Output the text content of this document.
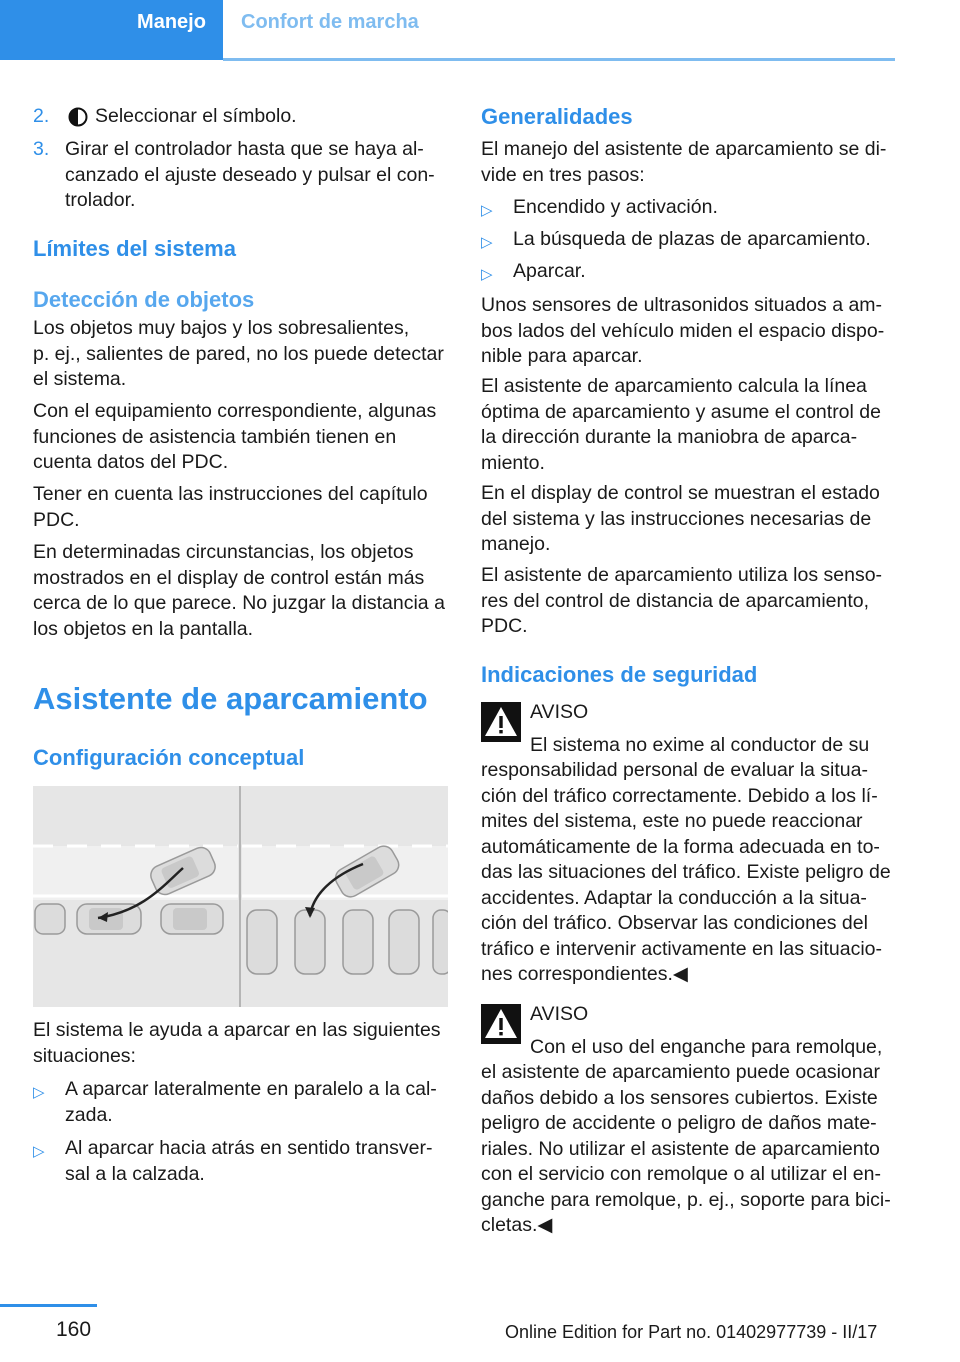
Manejo	Confort de marcha
2. Seleccionar el símbolo.
3. Girar el controlador hasta que se haya al‐

canzado el ajuste deseado y pulsar el con‐

trolador.

Límites del sistema
Detección de objetos

Los objetos muy bajos y los sobresalientes,

p. ej., salientes de pared, no los puede detectar

el sistema.

Con el equipamiento correspondiente, algunas

funciones de asistencia también tienen en

cuenta datos del PDC.

Tener en cuenta las instrucciones del capítulo

PDC.

En determinadas circunstancias, los objetos

mostrados en el display de control están más

cerca de lo que parece. No juzgar la distancia a

los objetos en la pantalla.

Asistente de aparcamiento
Configuración conceptual

El sistema le ayuda a aparcar en las siguientes

situaciones:

▷ A aparcar lateralmente en paralelo a la cal‐

zada.

▷ Al aparcar hacia atrás en sentido transver‐

sal a la calzada.

Generalidades

El manejo del asistente de aparcamiento se di‐

vide en tres pasos:

▷ Encendido y activación.
▷ La búsqueda de plazas de aparcamiento.
▷ Aparcar.

Unos sensores de ultrasonidos situados a am‐

bos lados del vehículo miden el espacio dispo‐

nible para aparcar.

El asistente de aparcamiento calcula la línea

óptima de aparcamiento y asume el control de

la dirección durante la maniobra de aparca‐

miento.

En el display de control se muestran el estado

del sistema y las instrucciones necesarias de

manejo.

El asistente de aparcamiento utiliza los senso‐

res del control de distancia de aparcamiento,

PDC.

Indicaciones de seguridad

AVISO

El sistema no exime al conductor de su

responsabilidad personal de evaluar la situa‐

ción del tráfico correctamente. Debido a los lí‐

mites del sistema, este no puede reaccionar

automáticamente de la forma adecuada en to‐

das las situaciones del tráfico. Existe peligro de

accidentes. Adaptar la conducción a la situa‐

ción del tráfico. Observar las condiciones del

tráfico e intervenir activamente en las situacio‐

nes correspondientes.◀

AVISO

Con el uso del enganche para remolque,

el asistente de aparcamiento puede ocasionar

daños debido a los sensores cubiertos. Existe

peligro de accidente o peligro de daños mate‐

riales. No utilizar el asistente de aparcamiento

con el servicio con remolque o al utilizar el en‐

ganche para remolque, p. ej., soporte para bici‐

cletas.◀

160	Online Edition for Part no. 01402977739 - II/17
